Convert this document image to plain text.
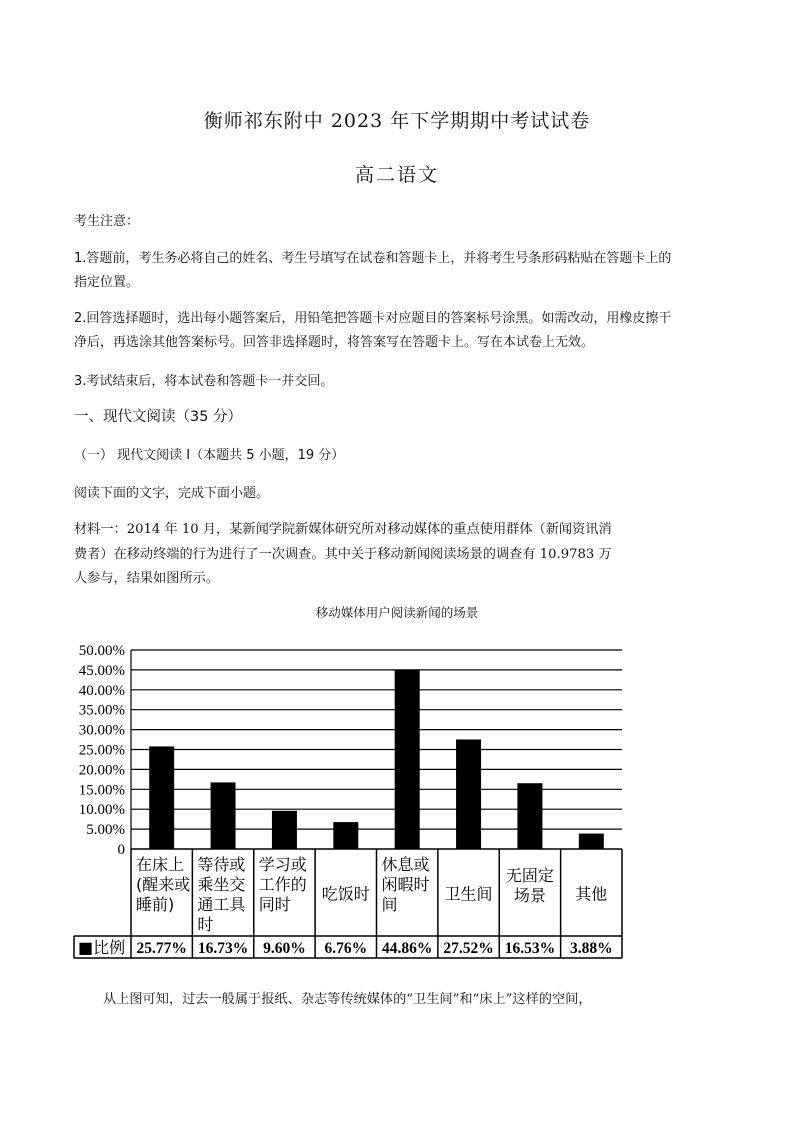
衡师祁东附中 2023 年下学期期中考试试卷
高二语文
考生注意：
1.答题前，考生务必将自己的姓名、考生号填写在试卷和答题卡上，并将考生号条形码粘贴在答题卡上的
指定位置。
2.回答选择题时，选出每小题答案后，用铅笔把答题卡对应题目的答案标号涂黑。如需改动，用橡皮擦干
净后，再选涂其他答案标号。回答非选择题时，将答案写在答题卡上。写在本试卷上无效。
3.考试结束后，将本试卷和答题卡一并交回。
一、现代文阅读（35 分）
（一） 现代文阅读 I（本题共 5 小题，19 分）
阅读下面的文字，完成下面小题。
材料一：2014 年 10 月，某新闻学院新媒体研究所对移动媒体的重点使用群体（新闻资讯消
费者）在移动终端的行为进行了一次调查。其中关于移动新闻阅读场景的调查有 10.9783 万
人参与，结果如图所示。
移动媒体用户阅读新闻的场景
0
5.00%
10.00%
15.00%
20.00%
25.00%
30.00%
35.00%
40.00%
45.00%
50.00%
在床上
(醒来或
睡前)
等待或
乘坐交
通工具
时
学习或
工作的
同时
吃饭时
休息或
闲暇时
间
卫生间
无固定
场景 其他
■比例 25.77% 16.73% 9.60% 6.76% 44.86% 27.52% 16.53% 3.88%
从上图可知，过去一般属于报纸、杂志等传统媒体的“卫生间”和“床上”这样的空间，
